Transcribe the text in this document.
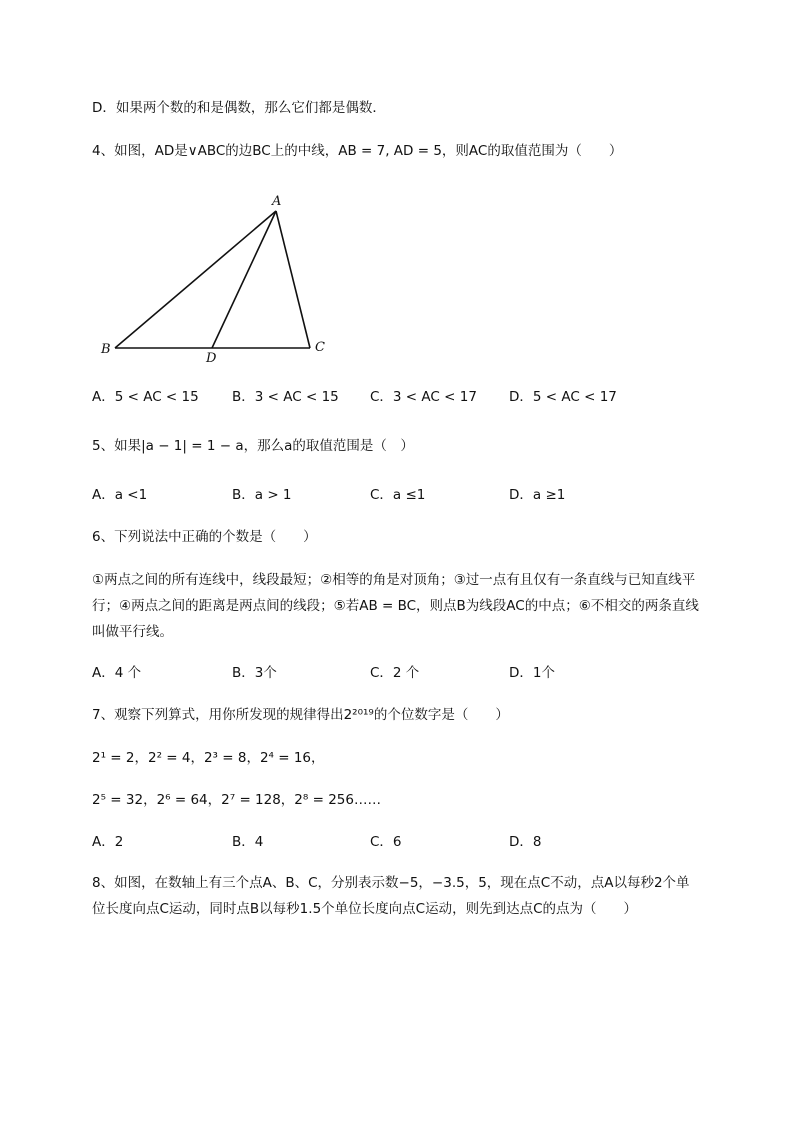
D．如果两个数的和是偶数，那么它们都是偶数．
4、如图，AD是∨ABC的边BC上的中线，AB = 7, AD = 5，则AC的取值范围为（　　）
A
B	C
D
A．5 < AC < 15 B．3 < AC < 15 C．3 < AC < 17 D．5 < AC < 17
5、如果|a − 1| = 1 − a，那么a的取值范围是（　）
A．a <1	B．a > 1	C．a ≤1	D．a ≥1
6、下列说法中正确的个数是（　　）
①两点之间的所有连线中，线段最短；②相等的角是对顶角；③过一点有且仅有一条直线与已知直线平行；④两点之间的距离是两点间的线段；⑤若AB = BC，则点B为线段AC的中点；⑥不相交的两条直线叫做平行线。
A．4 个	B．3个	C．2 个	D．1个
7、观察下列算式，用你所发现的规律得出2²⁰¹⁹的个位数字是（　　）
2¹ = 2，2² = 4，2³ = 8，2⁴ = 16，
2⁵ = 32，2⁶ = 64，2⁷ = 128，2⁸ = 256……
A．2	B．4	C．6	D．8
8、如图，在数轴上有三个点A、B、C，分别表示数−5，−3.5，5，现在点C不动，点A以每秒2个单
位长度向点C运动，同时点B以每秒1.5个单位长度向点C运动，则先到达点C的点为（　　）
